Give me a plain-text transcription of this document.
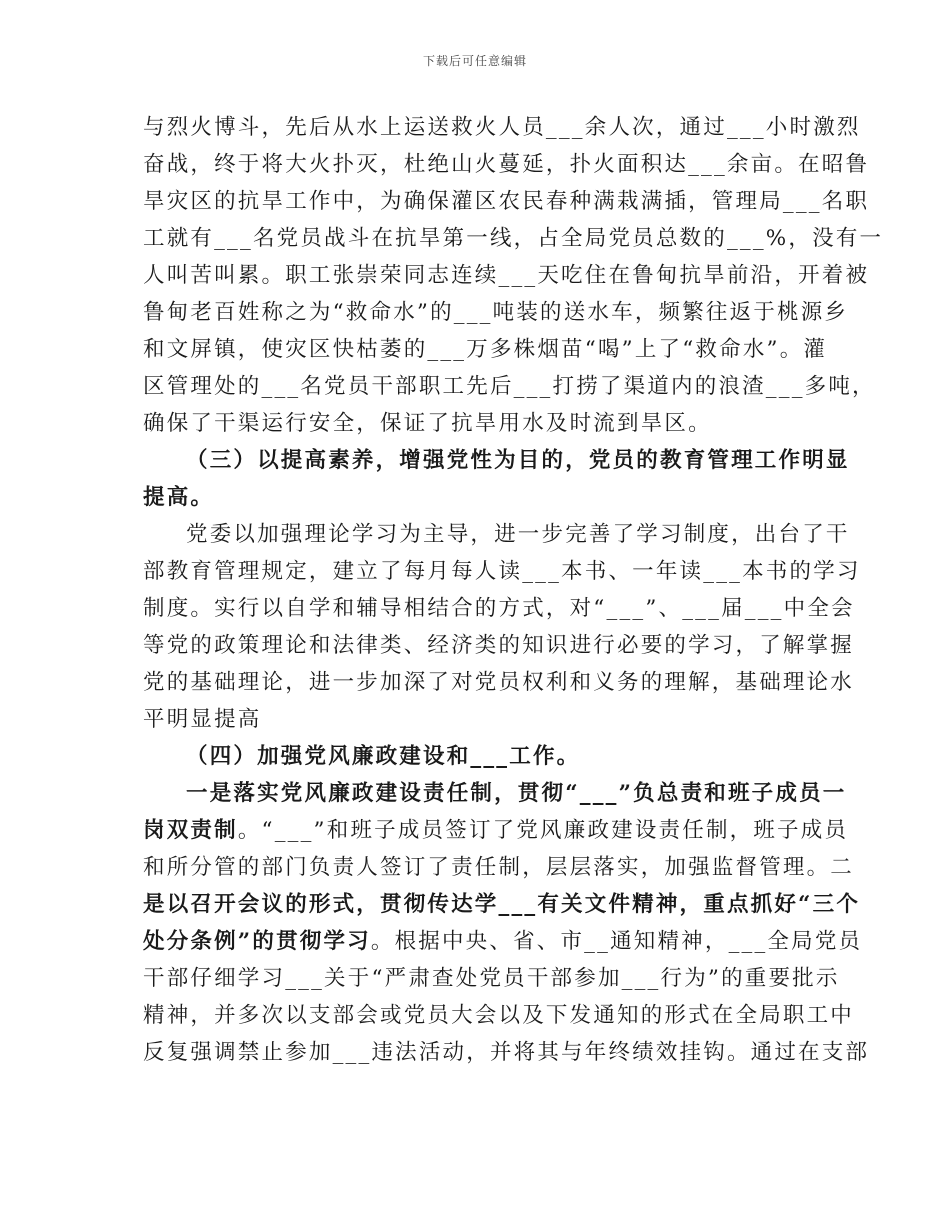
下载后可任意编辑
与烈火博斗，先后从水上运送救火人员___余人次，通过___小时激烈
奋战，终于将大火扑灭，杜绝山火蔓延，扑火面积达___余亩。在昭鲁
旱灾区的抗旱工作中，为确保灌区农民春种满栽满插，管理局___名职
工就有___名党员战斗在抗旱第一线，占全局党员总数的___%，没有一
人叫苦叫累。职工张崇荣同志连续___天吃住在鲁甸抗旱前沿，开着被
鲁甸老百姓称之为“救命水”的___吨装的送水车，频繁往返于桃源乡
和文屏镇，使灾区快枯萎的___万多株烟苗“喝”上了“救命水”。灌
区管理处的___名党员干部职工先后___打捞了渠道内的浪渣___多吨，
确保了干渠运行安全，保证了抗旱用水及时流到旱区。
（三）以提高素养，增强党性为目的，党员的教育管理工作明显
提高。
党委以加强理论学习为主导，进一步完善了学习制度，出台了干
部教育管理规定，建立了每月每人读___本书、一年读___本书的学习
制度。实行以自学和辅导相结合的方式，对“___”、___届___中全会
等党的政策理论和法律类、经济类的知识进行必要的学习，了解掌握
党的基础理论，进一步加深了对党员权利和义务的理解，基础理论水
平明显提高
（四）加强党风廉政建设和___工作。
一是落实党风廉政建设责任制，贯彻“___”负总责和班子成员一
岗双责制。“___”和班子成员签订了党风廉政建设责任制，班子成员
和所分管的部门负责人签订了责任制，层层落实，加强监督管理。二
是以召开会议的形式，贯彻传达学___有关文件精神，重点抓好“三个
处分条例”的贯彻学习。根据中央、省、市__通知精神，___全局党员
干部仔细学习___关于“严肃查处党员干部参加___行为”的重要批示
精神，并多次以支部会或党员大会以及下发通知的形式在全局职工中
反复强调禁止参加___违法活动，并将其与年终绩效挂钩。通过在支部
